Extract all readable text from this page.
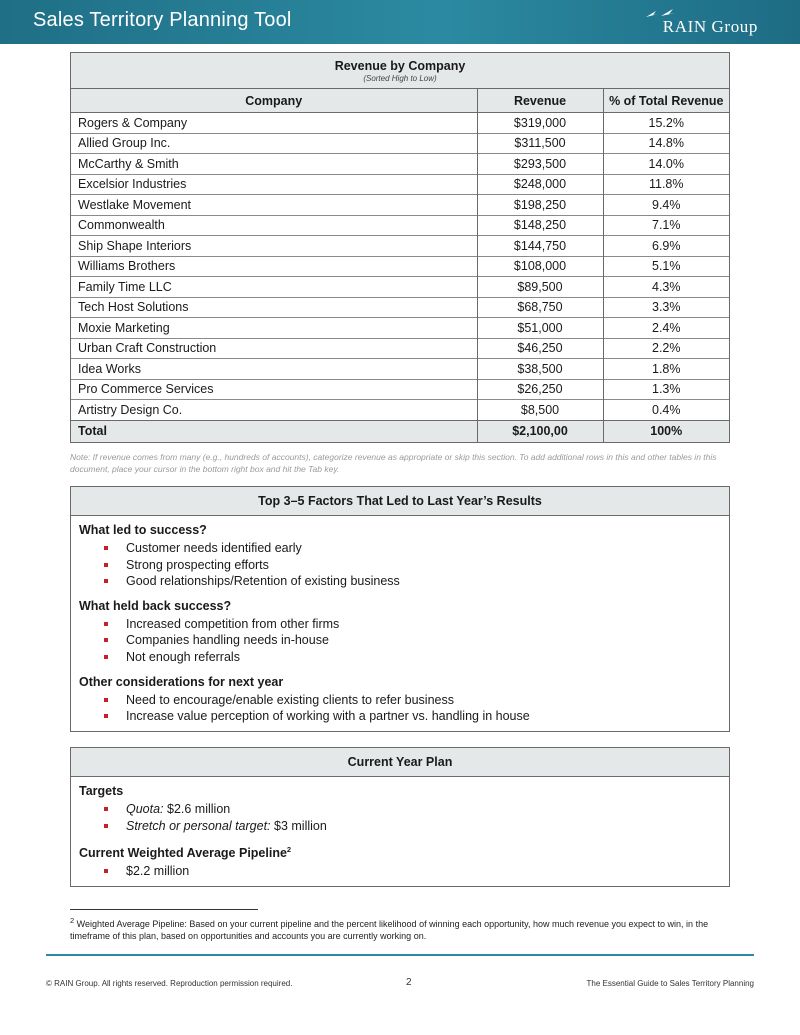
Sales Territory Planning Tool	RAIN Group
Revenue by Company
(Sorted High to Low)
Company	Revenue	% of Total Revenue
Rogers & Company	$319,000	15.2%
Allied Group Inc.	$311,500	14.8%
McCarthy & Smith	$293,500	14.0%
Excelsior Industries	$248,000	11.8%
Westlake Movement	$198,250	9.4%
Commonwealth	$148,250	7.1%
Ship Shape Interiors	$144,750	6.9%
Williams Brothers	$108,000	5.1%
Family Time LLC	$89,500	4.3%
Tech Host Solutions	$68,750	3.3%
Moxie Marketing	$51,000	2.4%
Urban Craft Construction	$46,250	2.2%
Idea Works	$38,500	1.8%
Pro Commerce Services	$26,250	1.3%
Artistry Design Co.	$8,500	0.4%
Total	$2,100,00	100%
Note: If revenue comes from many (e.g., hundreds of accounts), categorize revenue as appropriate or skip this section. To add additional rows in this and other tables in this document, place your cursor in the bottom right box and hit the Tab key.
Top 3–5 Factors That Led to Last Year’s Results
What led to success?
Customer needs identified early
Strong prospecting efforts
Good relationships/Retention of existing business
What held back success?
Increased competition from other firms
Companies handling needs in-house
Not enough referrals
Other considerations for next year
Need to encourage/enable existing clients to refer business
Increase value perception of working with a partner vs. handling in house
Current Year Plan
Targets
Quota: $2.6 million
Stretch or personal target: $3 million
Current Weighted Average Pipeline$^2$
$2.2 million
$^2$ Weighted Average Pipeline: Based on your current pipeline and the percent likelihood of winning each opportunity, how much revenue you expect to win, in the timeframe of this plan, based on opportunities and accounts you are currently working on.
© RAIN Group. All rights reserved. Reproduction permission required.	2	The Essential Guide to Sales Territory Planning
